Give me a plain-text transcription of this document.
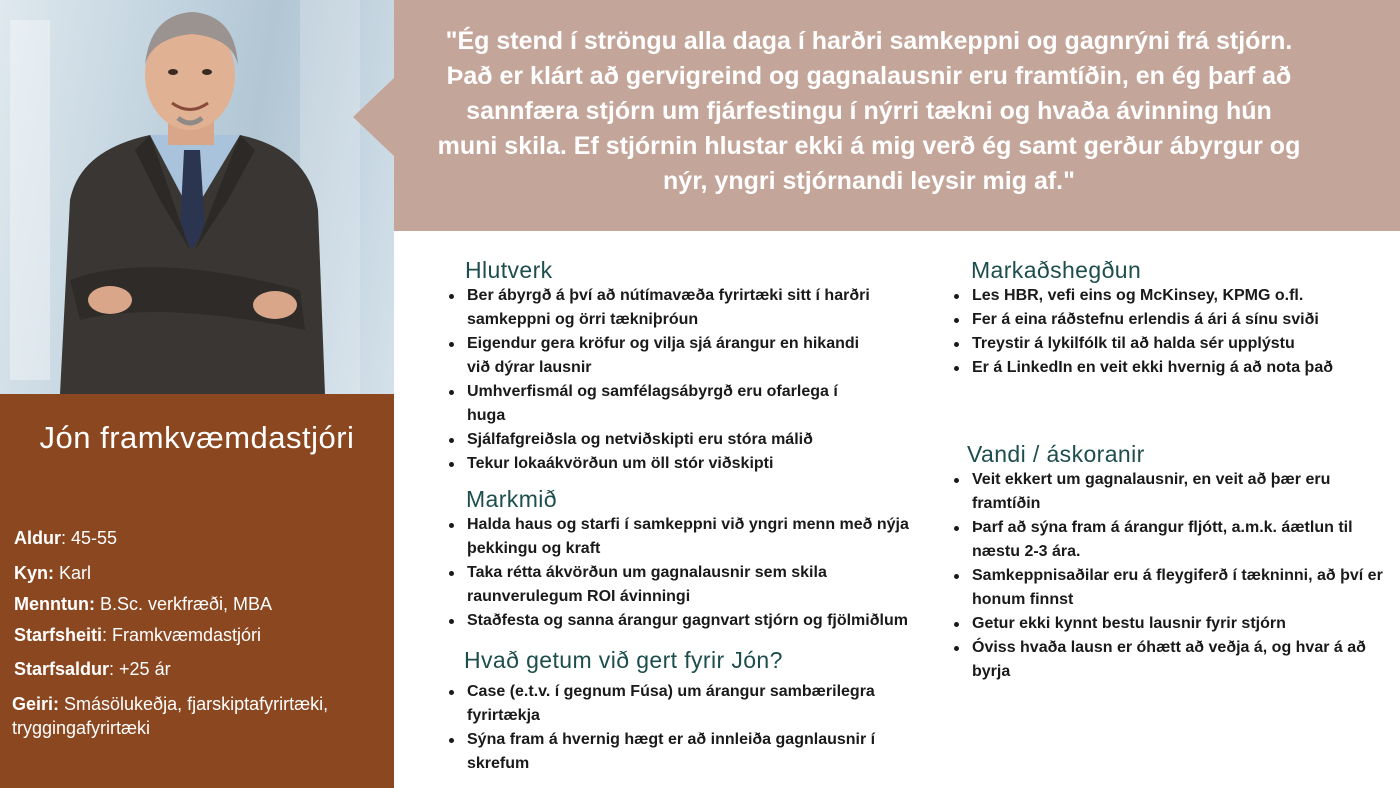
Jón framkvæmdastjóri
Aldur: 45-55
Kyn: Karl
Menntun: B.Sc. verkfræði, MBA
Starfsheiti: Framkvæmdastjóri
Starfsaldur: +25 ár
Geiri: Smásölukeðja, fjarskiptafyrirtæki, tryggingafyrirtæki
"Ég stend í ströngu alla daga í harðri samkeppni og gagnrýni frá stjórn. Það er klárt að gervigreind og gagnalausnir eru framtíðin, en ég þarf að sannfæra stjórn um fjárfestingu í nýrri tækni og hvaða ávinning hún muni skila. Ef stjórnin hlustar ekki á mig verð ég samt gerður ábyrgur og nýr, yngri stjórnandi leysir mig af."
Hlutverk
Ber ábyrgð á því að nútímavæða fyrirtæki sitt í harðri samkeppni og örri tækniþróun
Eigendur gera kröfur og vilja sjá árangur en hikandi við dýrar lausnir
Umhverfismál og samfélagsábyrgð eru ofarlega í huga
Sjálfafgreiðsla og netviðskipti eru stóra málið
Tekur lokaákvörðun um öll stór viðskipti
Markmið
Halda haus og starfi í samkeppni við yngri menn með nýja þekkingu og kraft
Taka rétta ákvörðun um gagnalausnir sem skila raunverulegum ROI ávinningi
Staðfesta og sanna árangur gagnvart stjórn og fjölmiðlum
Hvað getum við gert fyrir Jón?
Case (e.t.v. í gegnum Fúsa) um árangur sambærilegra fyrirtækja
Sýna fram á hvernig hægt er að innleiða gagnlausnir í skrefum
Markaðshegðun
Les HBR, vefi eins og McKinsey, KPMG o.fl.
Fer á eina ráðstefnu erlendis á ári á sínu sviði
Treystir á lykilfólk til að halda sér upplýstu
Er á LinkedIn en veit ekki hvernig á að nota það
Vandi / áskoranir
Veit ekkert um gagnalausnir, en veit að þær eru framtíðin
Þarf að sýna fram á árangur fljótt, a.m.k. áætlun til næstu 2-3 ára.
Samkeppnisaðilar eru á fleygiferð í tækninni, að því er honum finnst
Getur ekki kynnt bestu lausnir fyrir stjórn
Óviss hvaða lausn er óhætt að veðja á, og hvar á að byrja
